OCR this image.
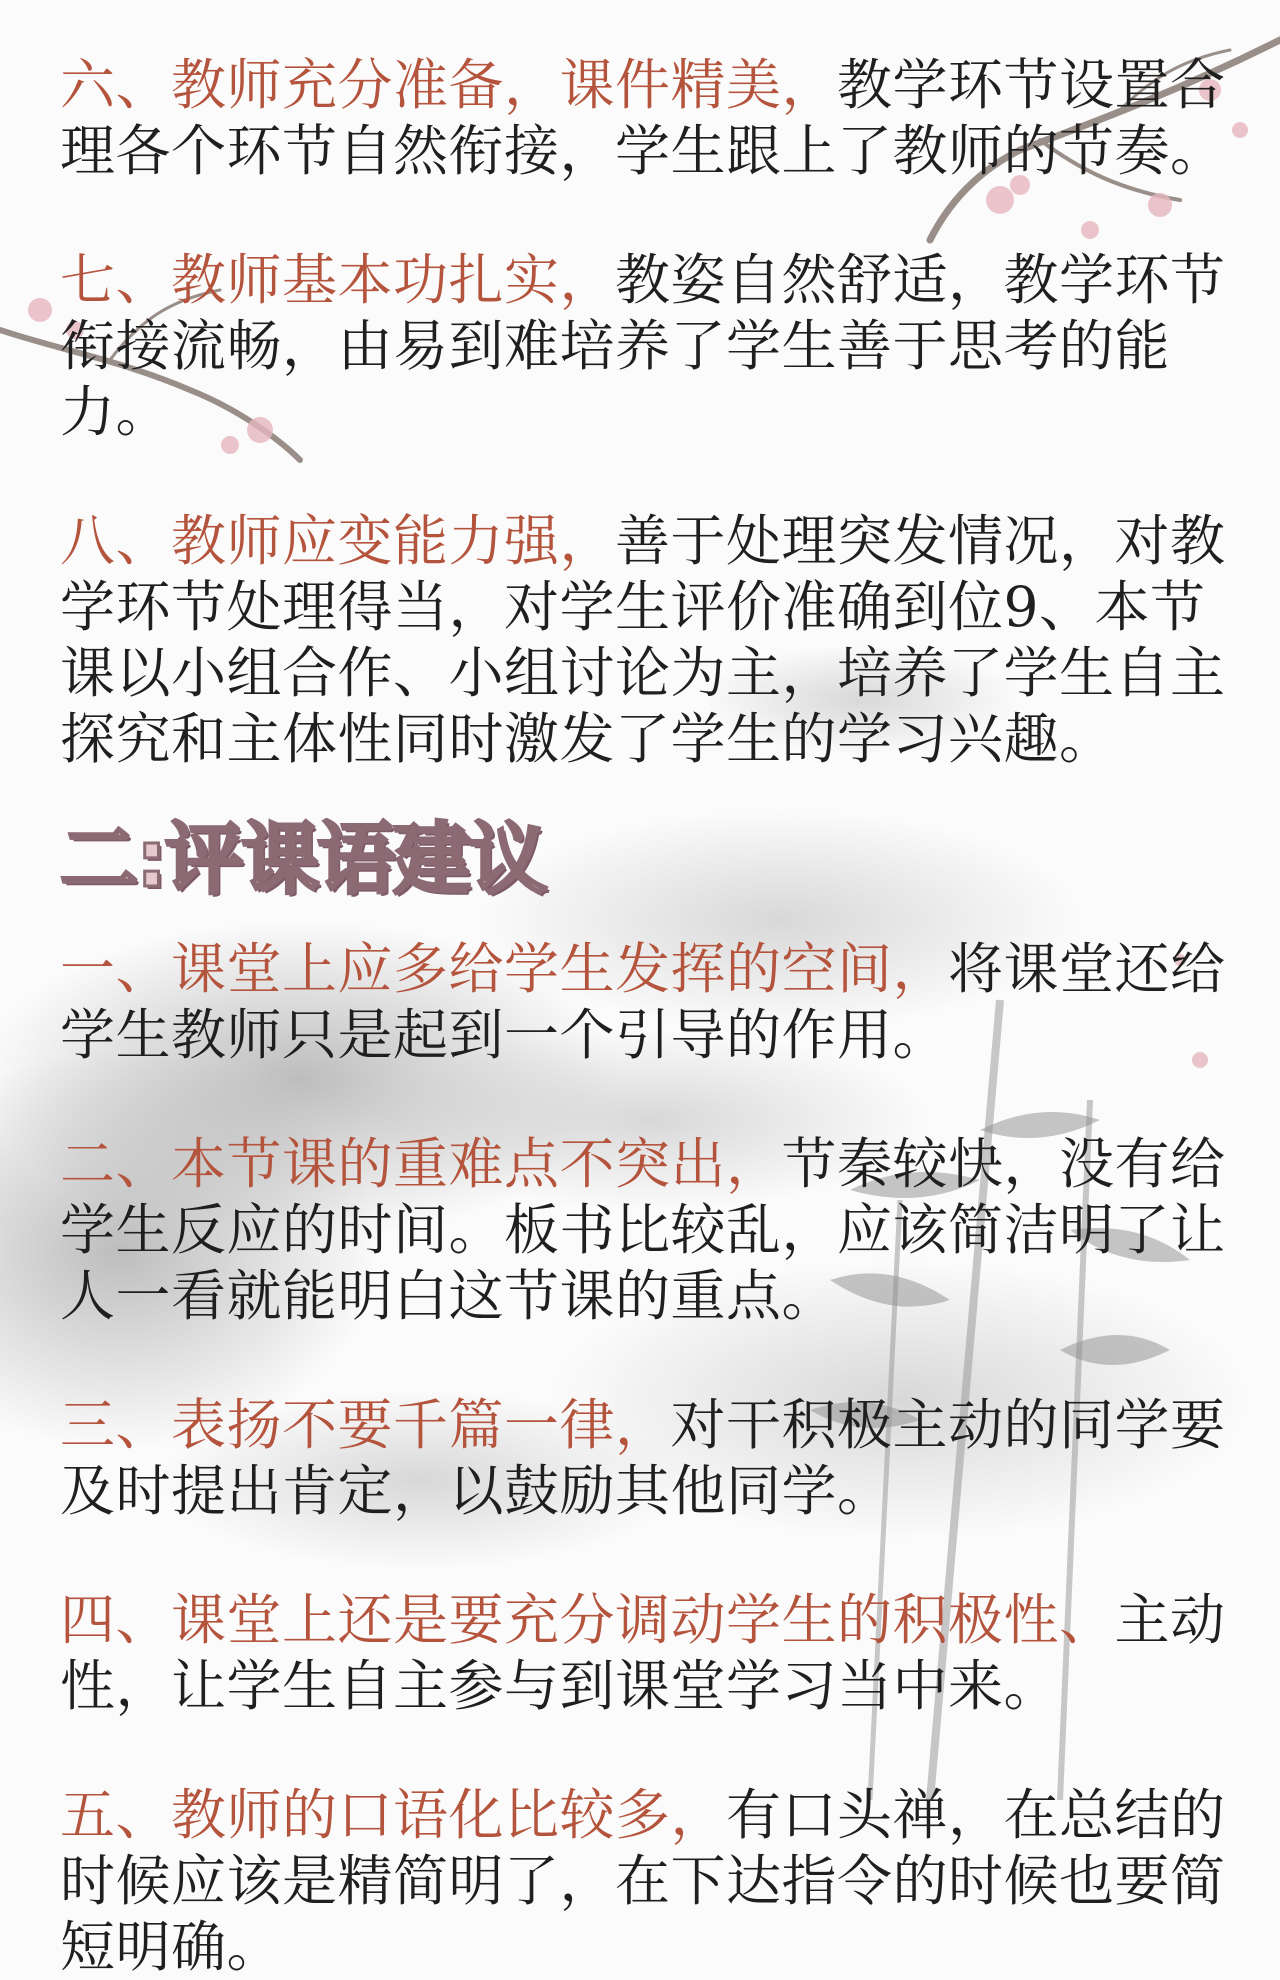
六、教师充分准备，课件精美，教学环节设置合理各个环节自然衔接，学生跟上了教师的节奏。

七、教师基本功扎实，教姿自然舒适，教学环节衔接流畅，由易到难培养了学生善于思考的能力。

八、教师应变能力强，善于处理突发情况，对教学环节处理得当，对学生评价准确到位9、本节课以小组合作、小组讨论为主，培养了学生自主探究和主体性同时激发了学生的学习兴趣。

二:评课语建议

一、课堂上应多给学生发挥的空间，将课堂还给学生教师只是起到一个引导的作用。

二、本节课的重难点不突出，节秦较快，没有给学生反应的时间。板书比较乱，应该简洁明了让人一看就能明白这节课的重点。

三、表扬不要千篇一律，对干积极主动的同学要及时提出肯定，以鼓励其他同学。

四、课堂上还是要充分调动学生的积极性、主动性，让学生自主参与到课堂学习当中来。

五、教师的口语化比较多，有口头禅，在总结的时候应该是精简明了，在下达指令的时候也要简短明确。
